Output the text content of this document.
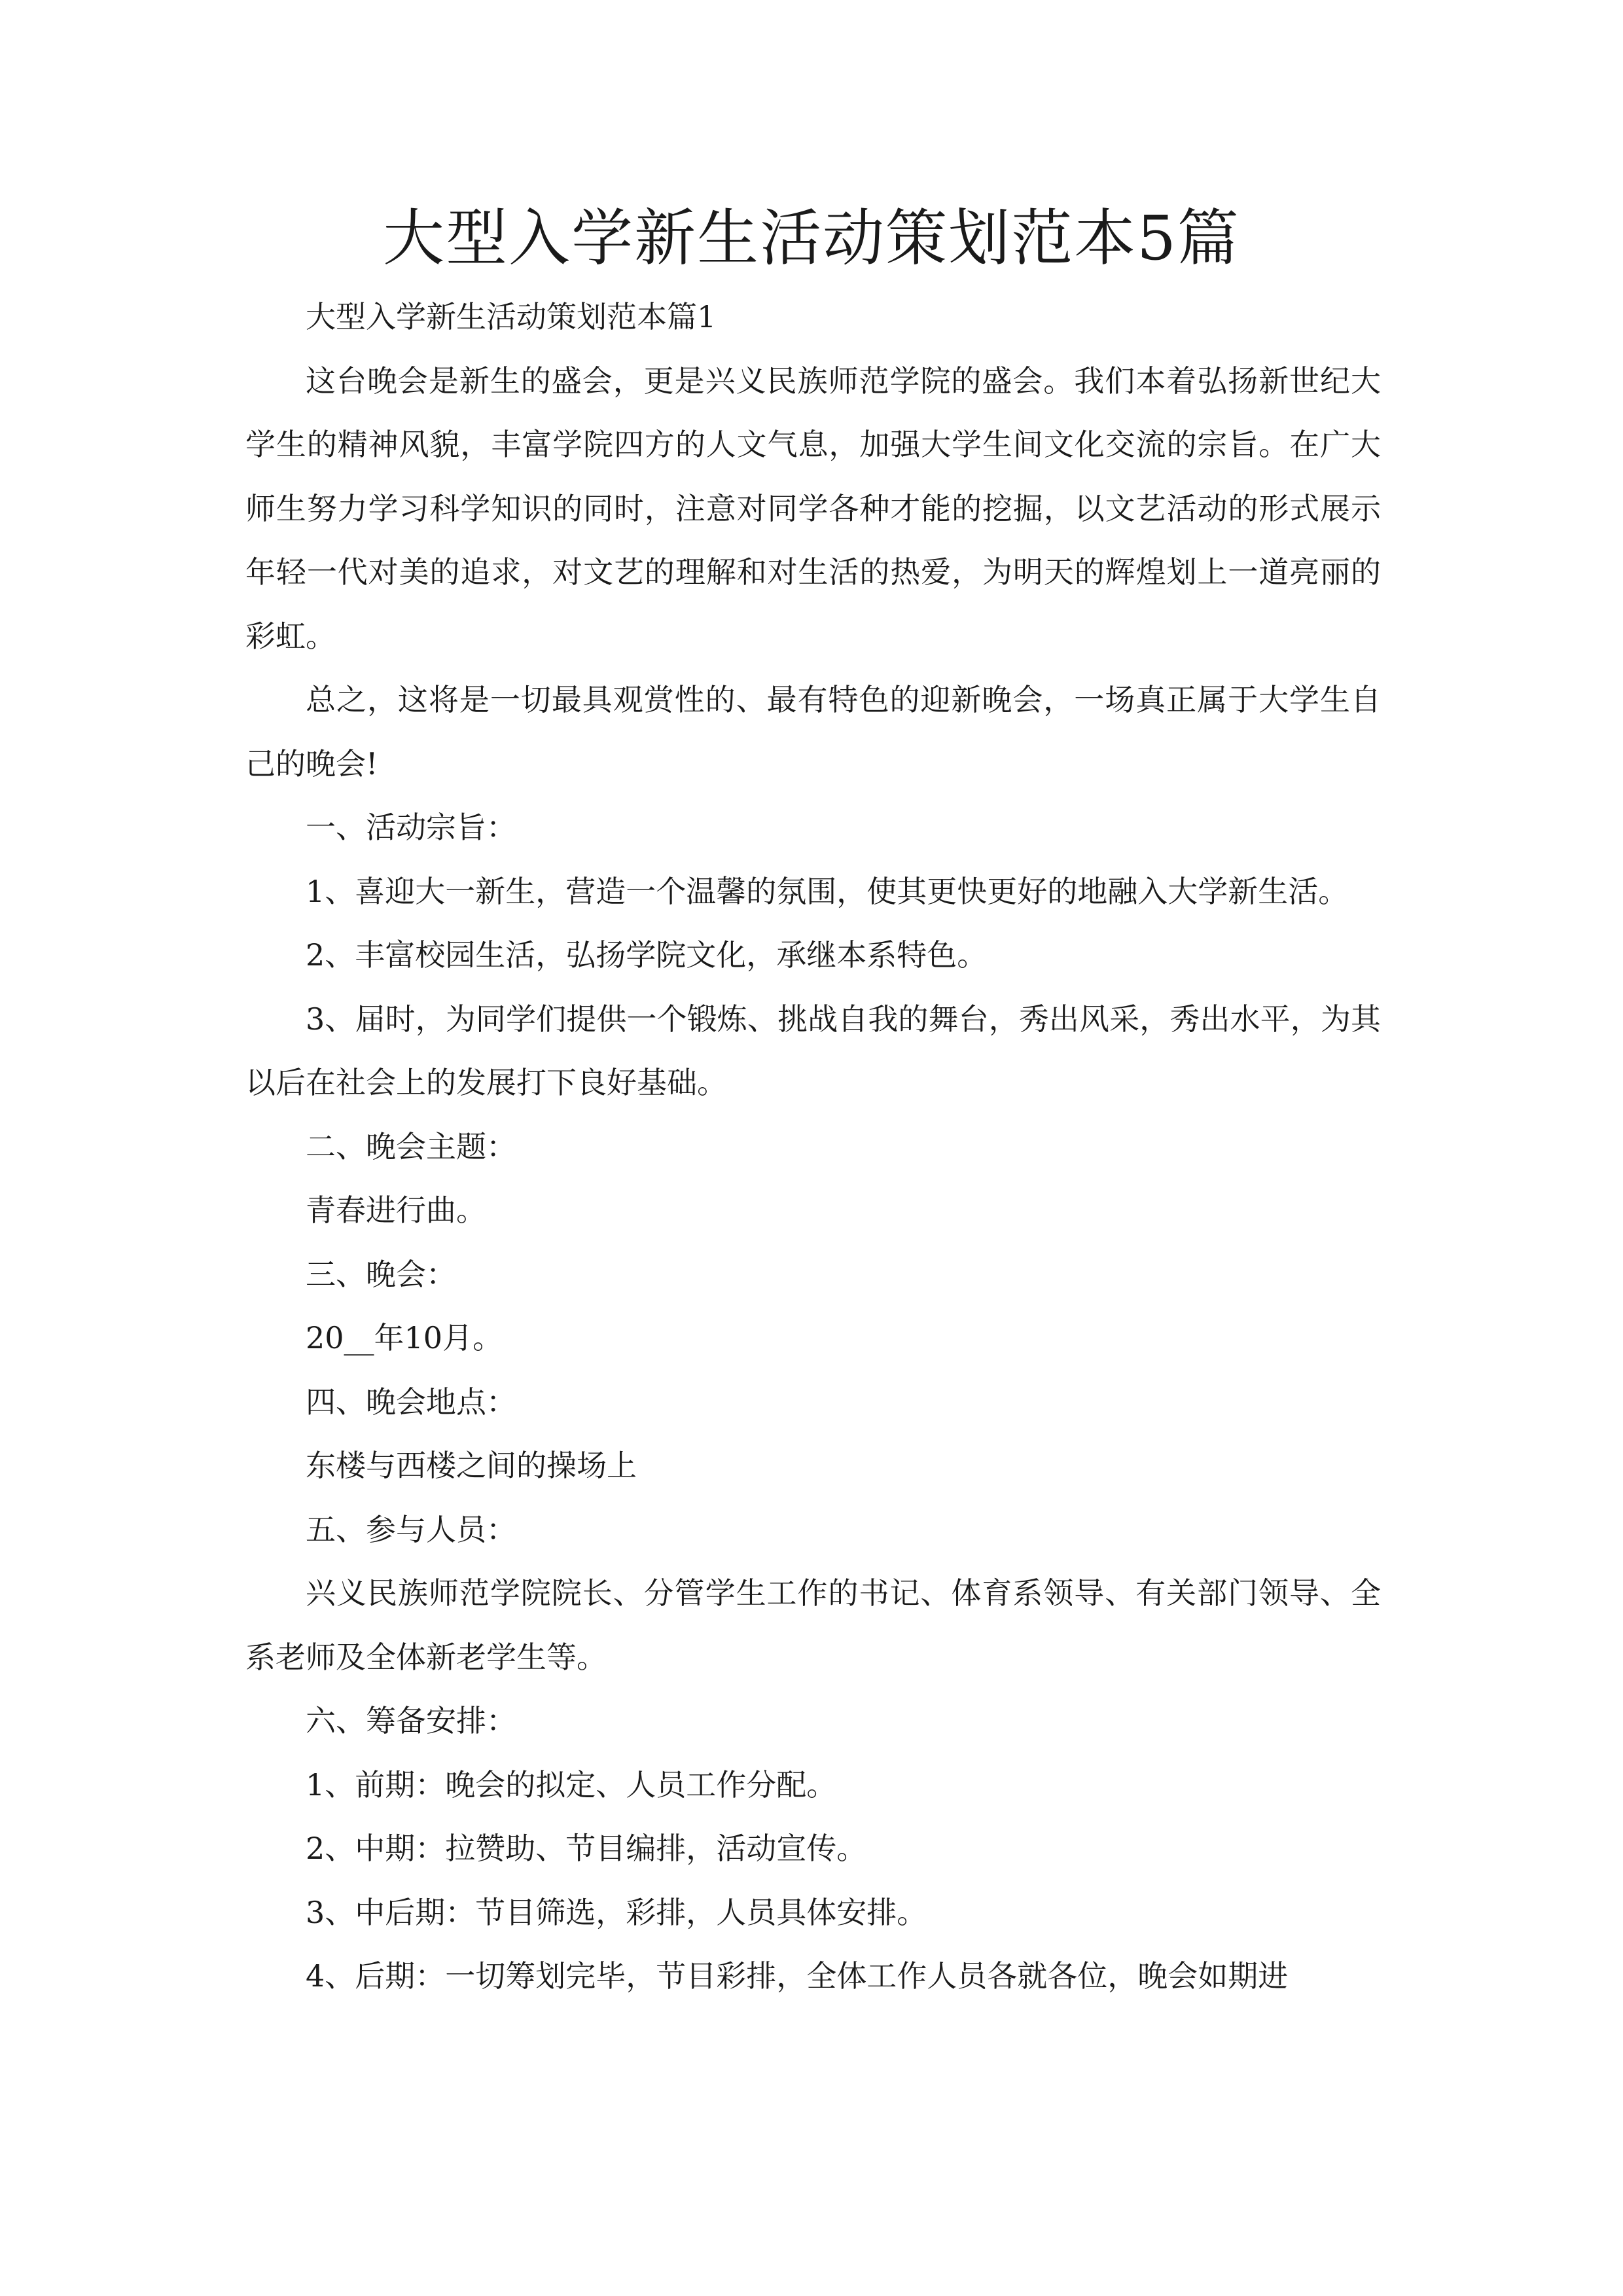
大型入学新生活动策划范本5篇

大型入学新生活动策划范本篇1

这台晚会是新生的盛会，更是兴义民族师范学院的盛会。我们本着弘扬新世纪大学生的精神风貌，丰富学院四方的人文气息，加强大学生间文化交流的宗旨。在广大师生努力学习科学知识的同时，注意对同学各种才能的挖掘，以文艺活动的形式展示年轻一代对美的追求，对文艺的理解和对生活的热爱，为明天的辉煌划上一道亮丽的彩虹。

总之，这将是一切最具观赏性的、最有特色的迎新晚会，一场真正属于大学生自己的晚会!

一、活动宗旨：

1、喜迎大一新生，营造一个温馨的氛围，使其更快更好的地融入大学新生活。

2、丰富校园生活，弘扬学院文化，承继本系特色。

3、届时，为同学们提供一个锻炼、挑战自我的舞台，秀出风采，秀出水平，为其以后在社会上的发展打下良好基础。

二、晚会主题：

青春进行曲。

三、晚会：

20__年10月。

四、晚会地点：

东楼与西楼之间的操场上

五、参与人员：

兴义民族师范学院院长、分管学生工作的书记、体育系领导、有关部门领导、全系老师及全体新老学生等。

六、筹备安排：

1、前期：晚会的拟定、人员工作分配。

2、中期：拉赞助、节目编排，活动宣传。

3、中后期：节目筛选，彩排，人员具体安排。

4、后期：一切筹划完毕，节目彩排，全体工作人员各就各位，晚会如期进
